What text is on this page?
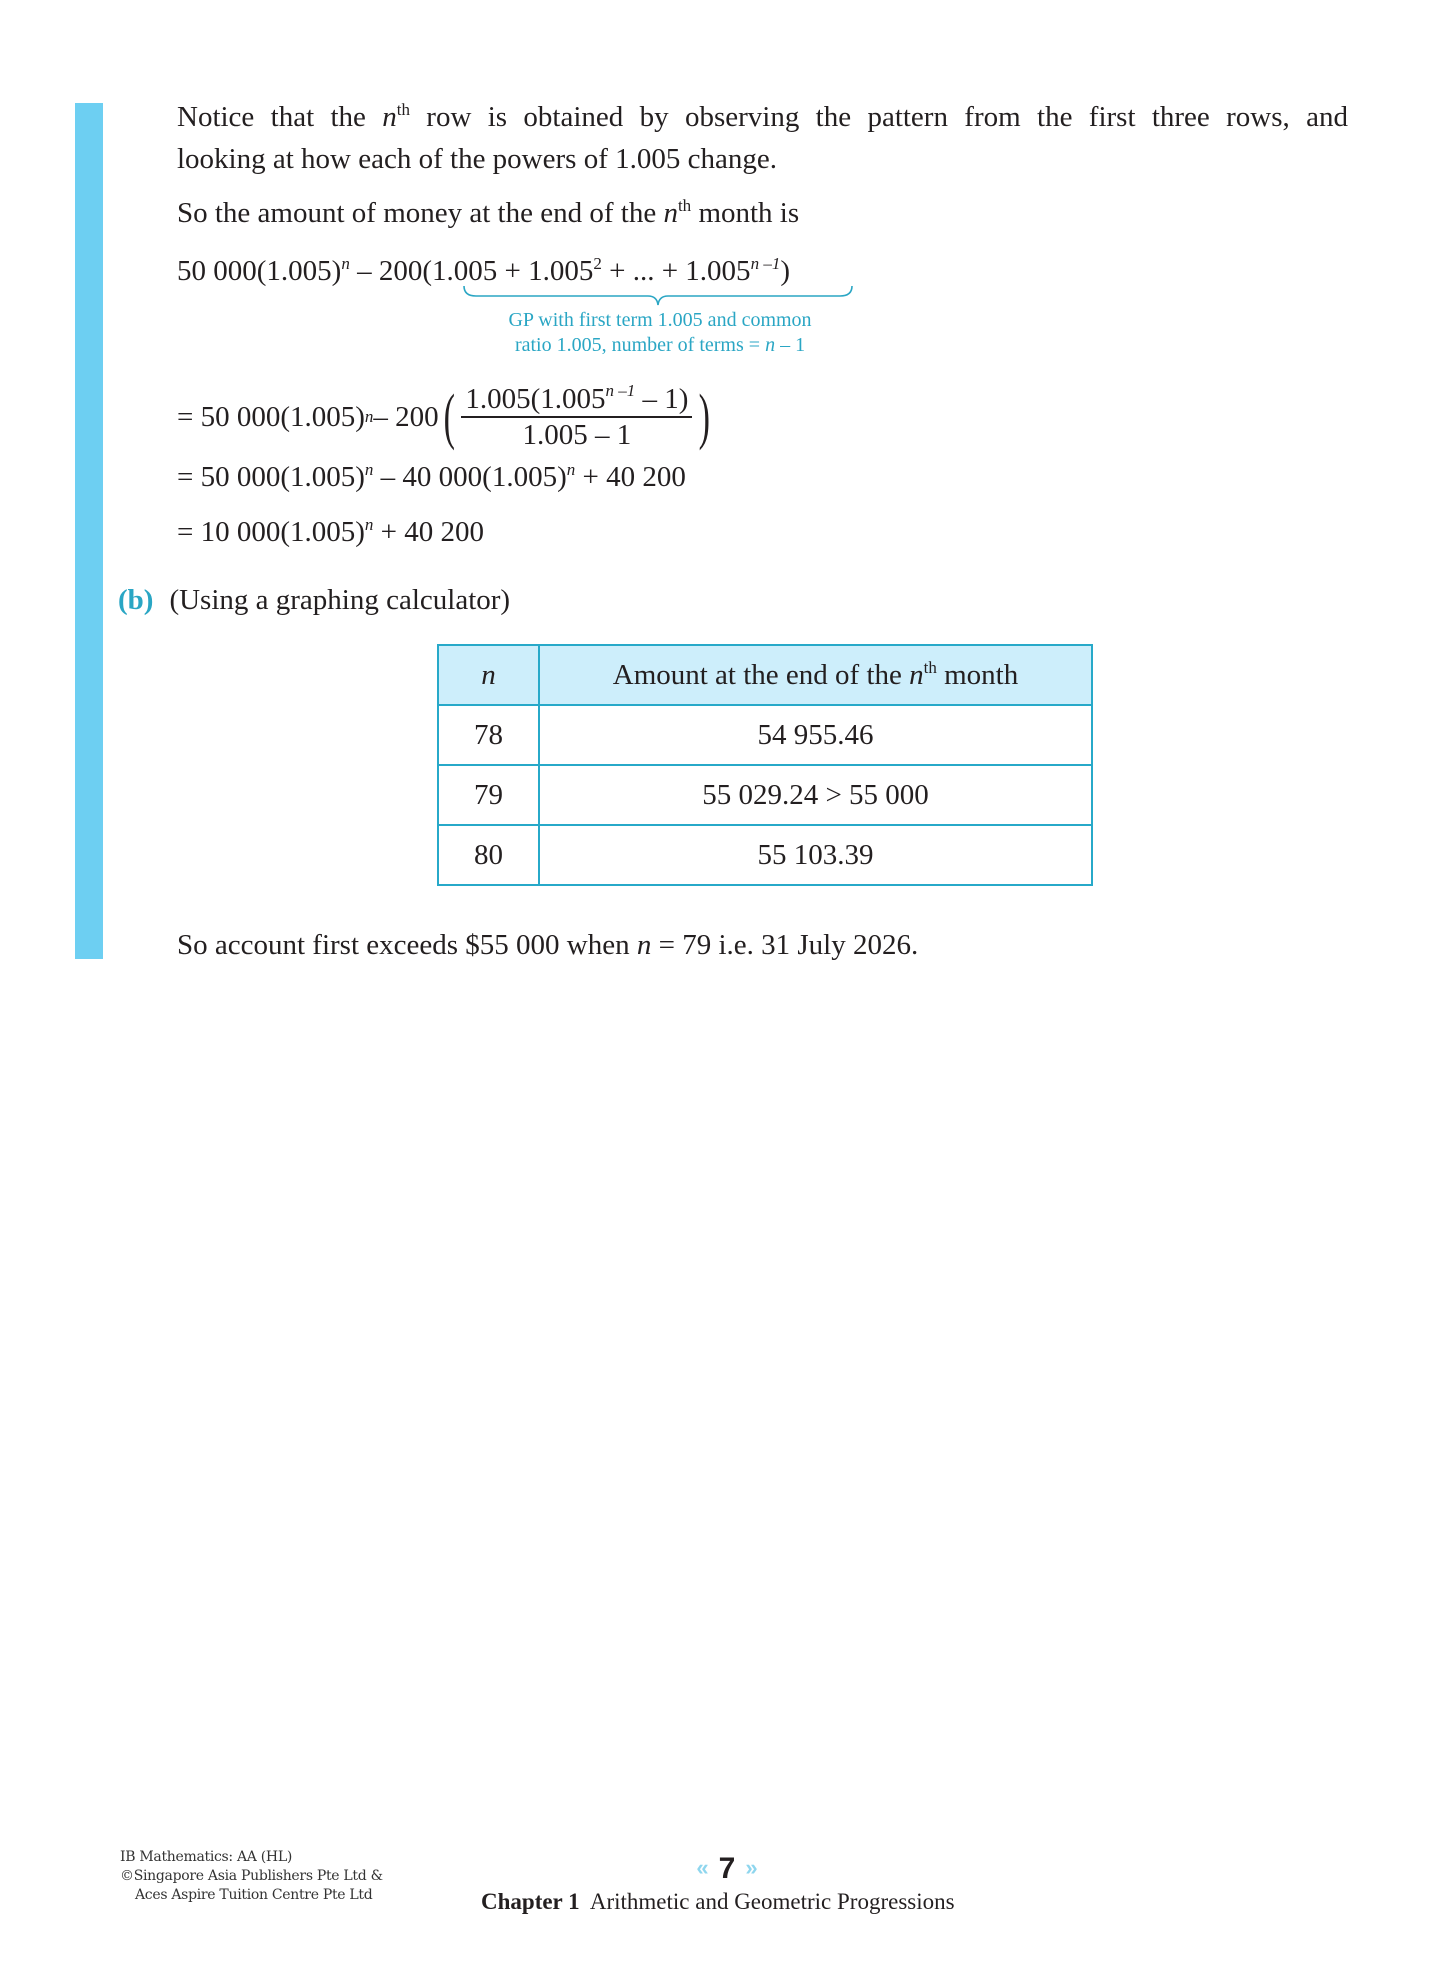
Notice that the $n^{th}$ row is obtained by observing the pattern from the first three rows, and
looking at how each of the powers of 1.005 change.
So the amount of money at the end of the $n^{th}$ month is
50 $000(1.005)^n - 200(1.005 + 1.005^2$ + ... + $1.005^{n -1}$)
GP with first term 1.005 and common
ratio 1.005, number of terms = n – 1
= 50 000(1.005) n – 200 ( $\frac{1.005(1.005^{n -1} - 1)}{1.005 - 1}$ )
= 50 $000(1.005)^n - 40$ $000(1.005)^n + 40$ 200
= 10 $000(1.005)^n + 40$ 200
(b) (Using a graphing calculator)
n	Amount at the end of the $n^{th}$ month
78	54 955.46
79	55 029.24 > 55 000
80	55 103.39
So account first exceeds $55 000 when n = 79 i.e. 31 July 2026.
IB Mathematics: AA (HL)
©Singapore Asia Publishers Pte Ltd &
Aces Aspire Tuition Centre Pte Ltd
« 7 »
Chapter 1 Arithmetic and Geometric Progressions
